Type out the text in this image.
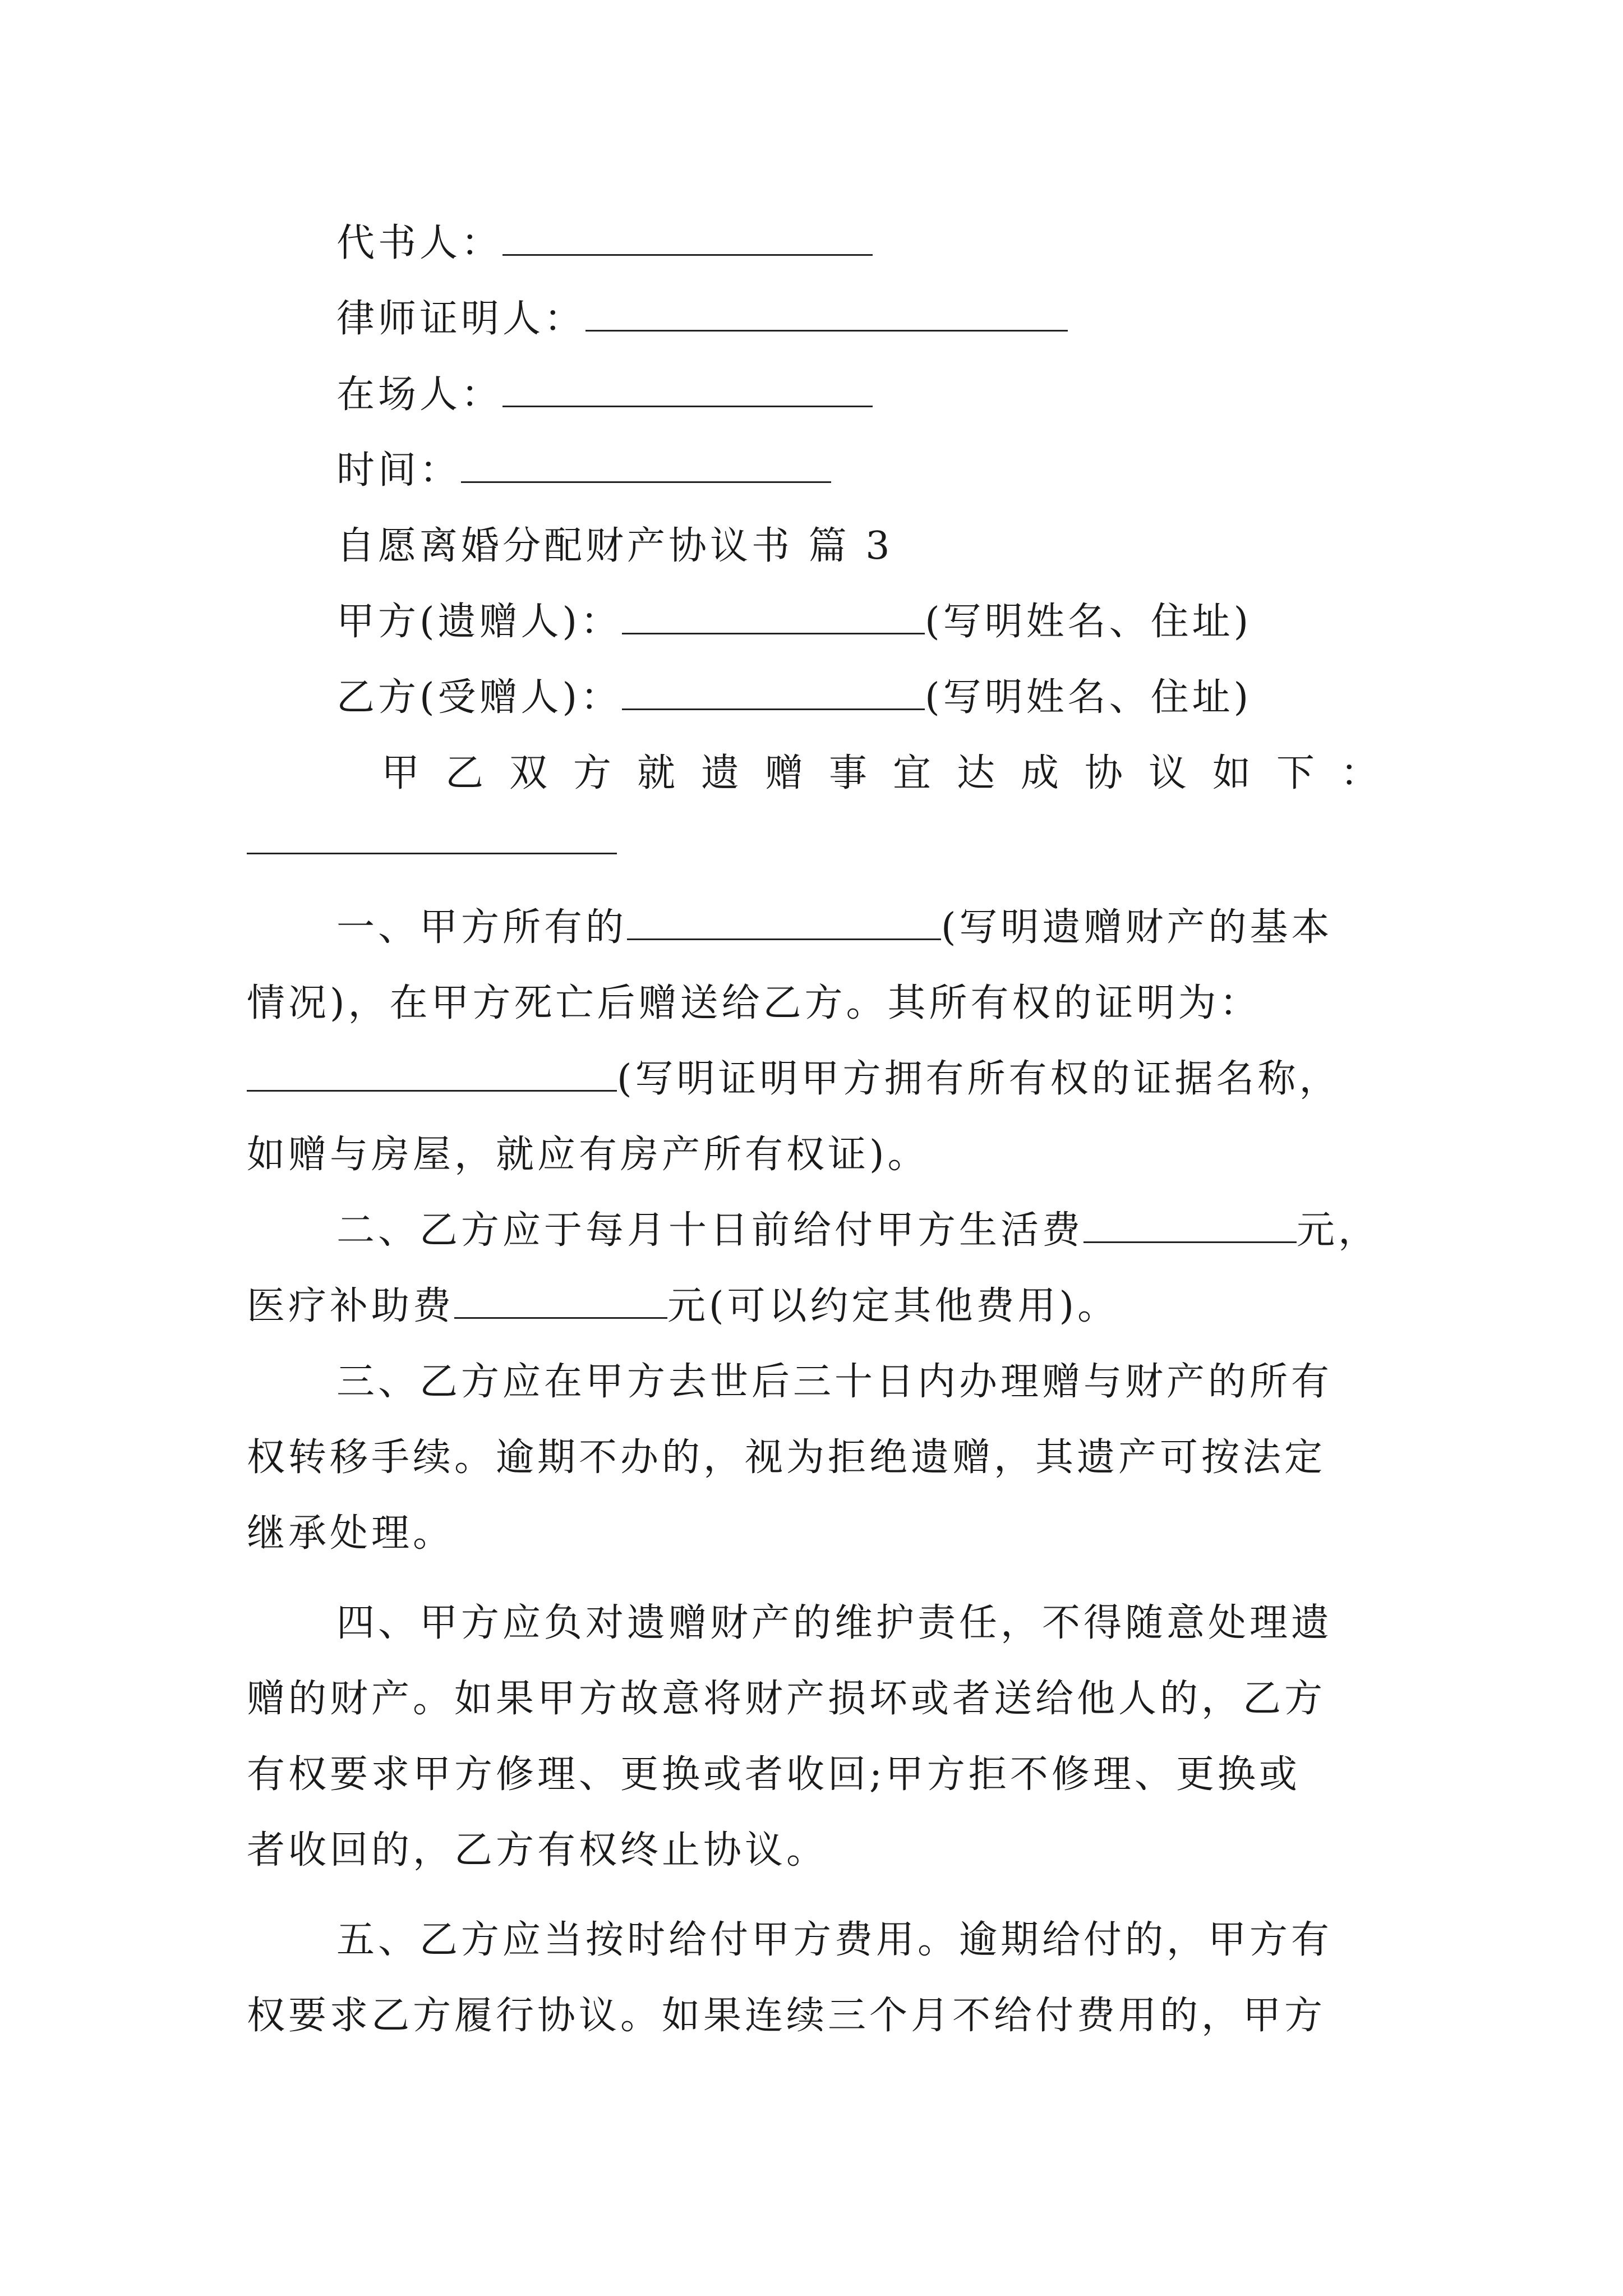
代书人：
律师证明人：
在场人：
时间：
自愿离婚分配财产协议书 篇 3
甲方(遗赠人)：	(写明姓名、住址)
乙方(受赠人)：	(写明姓名、住址)
甲乙双方就遗赠事宜达成协议如下：
一、甲方所有的	(写明遗赠财产的基本
情况)，在甲方死亡后赠送给乙方。其所有权的证明为：
(写明证明甲方拥有所有权的证据名称，
如赠与房屋，就应有房产所有权证)。
二、乙方应于每月十日前给付甲方生活费	元，
医疗补助费	元(可以约定其他费用)。
三、乙方应在甲方去世后三十日内办理赠与财产的所有
权转移手续。逾期不办的，视为拒绝遗赠，其遗产可按法定
继承处理。
四、甲方应负对遗赠财产的维护责任，不得随意处理遗
赠的财产。如果甲方故意将财产损坏或者送给他人的，乙方
有权要求甲方修理、更换或者收回;甲方拒不修理、更换或
者收回的，乙方有权终止协议。
五、乙方应当按时给付甲方费用。逾期给付的，甲方有
权要求乙方履行协议。如果连续三个月不给付费用的，甲方
